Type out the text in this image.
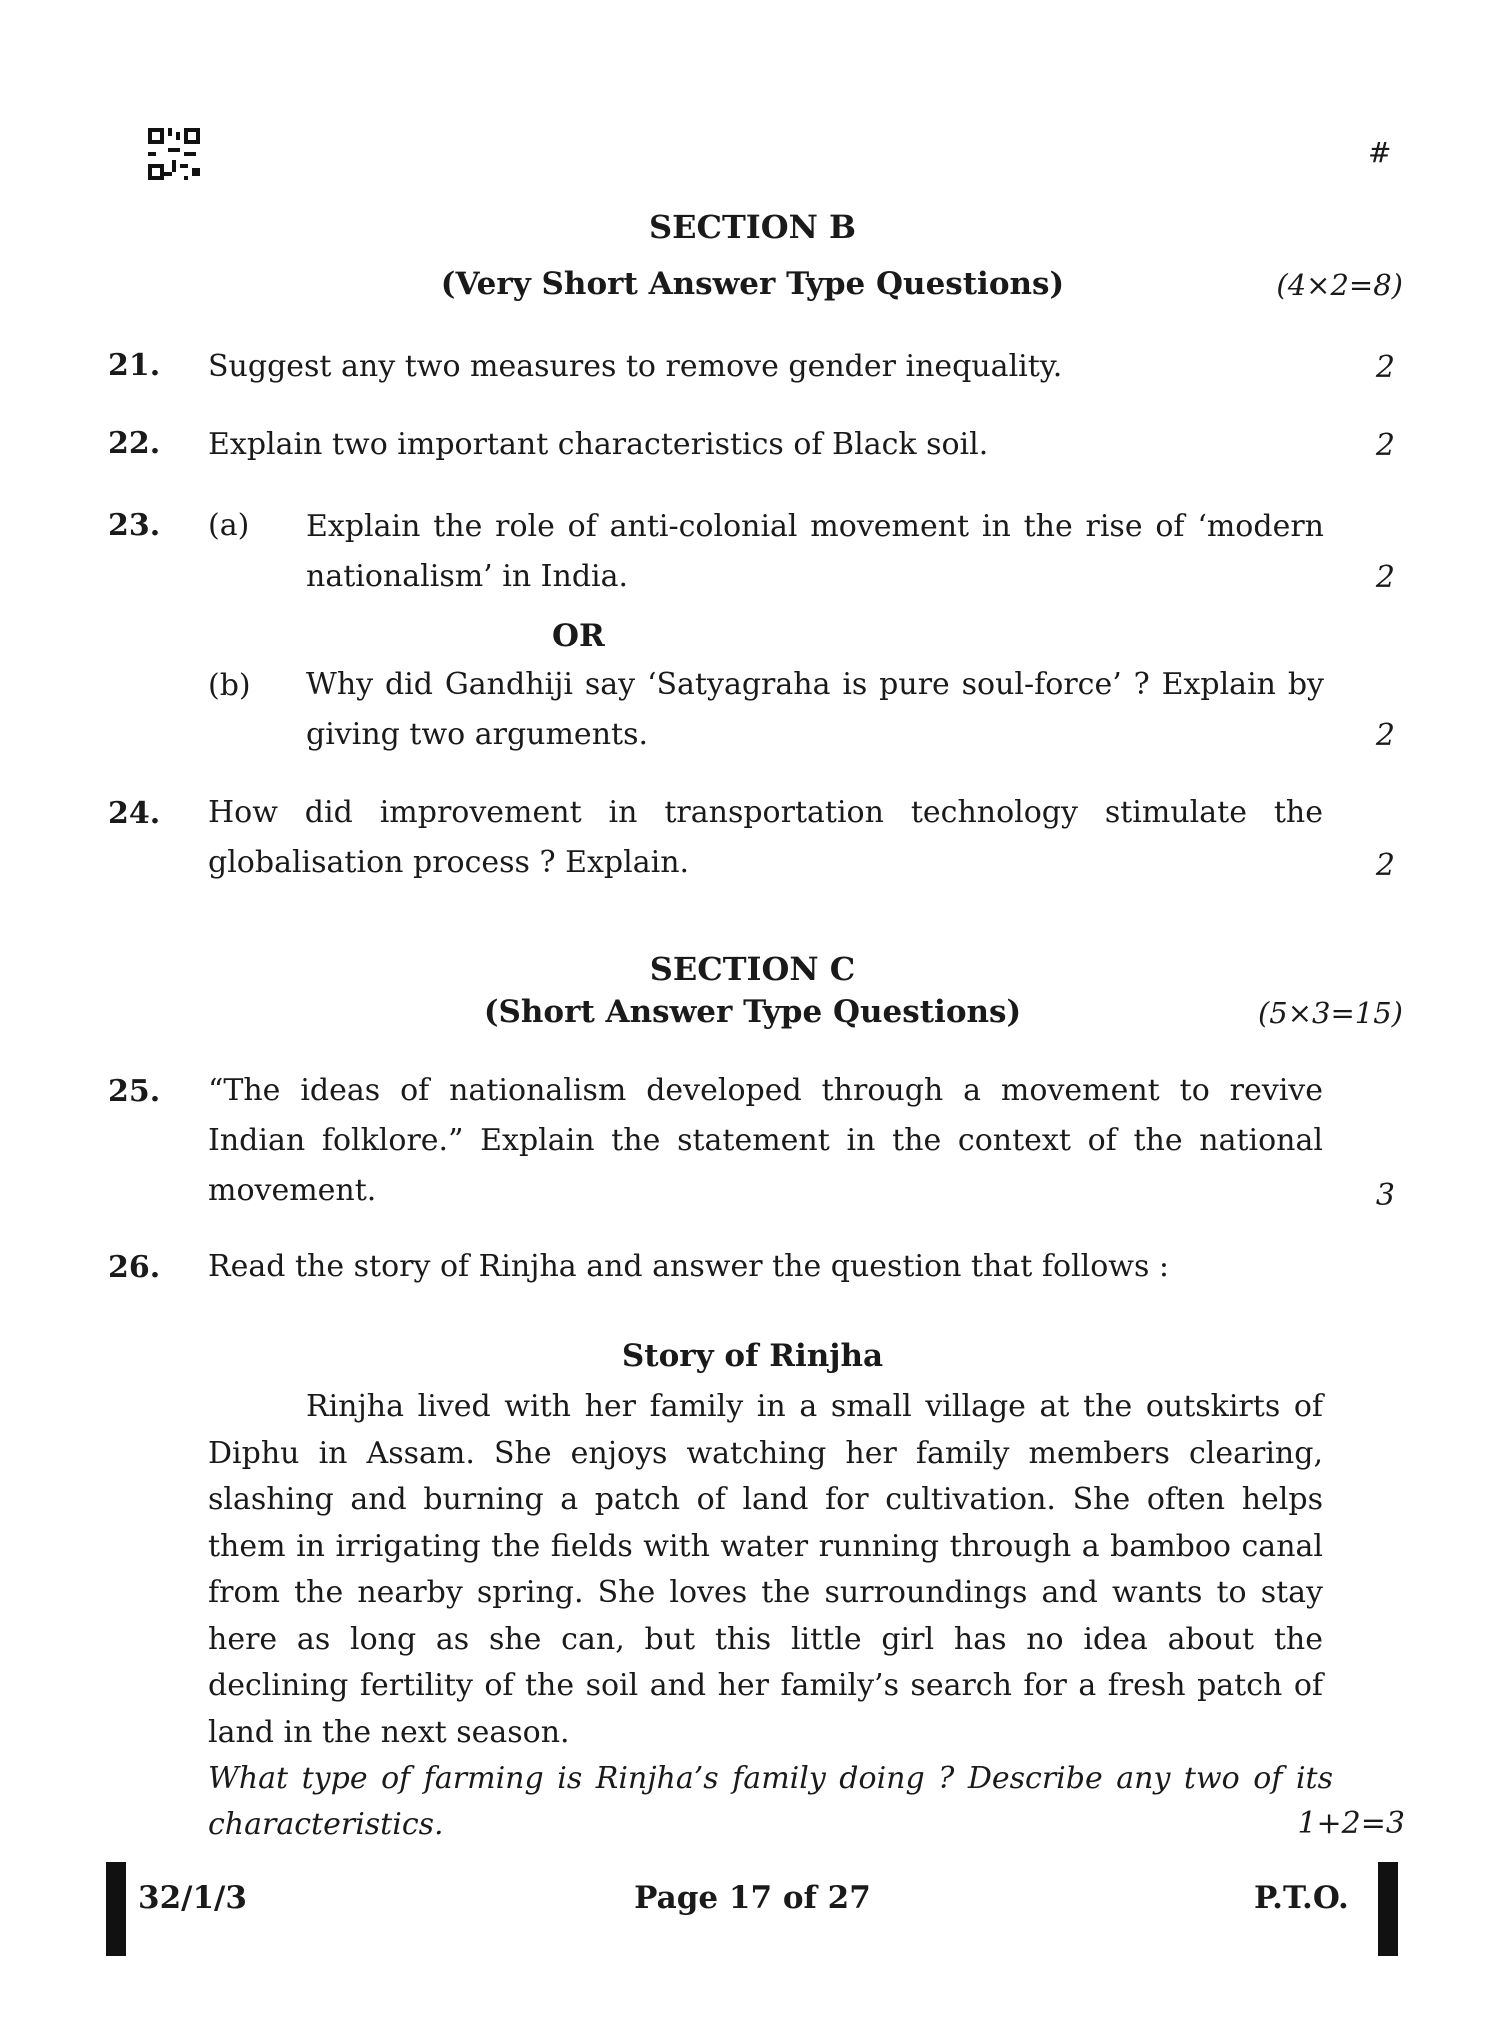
#
SECTION B
(Very Short Answer Type Questions)	(4×2=8)
21. Suggest any two measures to remove gender inequality.	2
22. Explain two important characteristics of Black soil.	2
23. (a) Explain the role of anti-colonial movement in the rise of ‘modern nationalism’ in India.	2
OR
(b) Why did Gandhiji say ‘Satyagraha is pure soul-force’ ? Explain by giving two arguments.	2
24. How did improvement in transportation technology stimulate the globalisation process ? Explain.	2
SECTION C
(Short Answer Type Questions)	(5×3=15)
25. “The ideas of nationalism developed through a movement to revive Indian folklore.” Explain the statement in the context of the national movement.	3
26. Read the story of Rinjha and answer the question that follows :
Story of Rinjha

Rinjha lived with her family in a small village at the outskirts of Diphu in Assam. She enjoys watching her family members clearing, slashing and burning a patch of land for cultivation. She often helps them in irrigating the fields with water running through a bamboo canal from the nearby spring. She loves the surroundings and wants to stay here as long as she can, but this little girl has no idea about the declining fertility of the soil and her family’s search for a fresh patch of land in the next season.

What type of farming is Rinjha’s family doing ? Describe any two of its characteristics.	1+2=3
32/1/3	Page 17 of 27	P.T.O.
